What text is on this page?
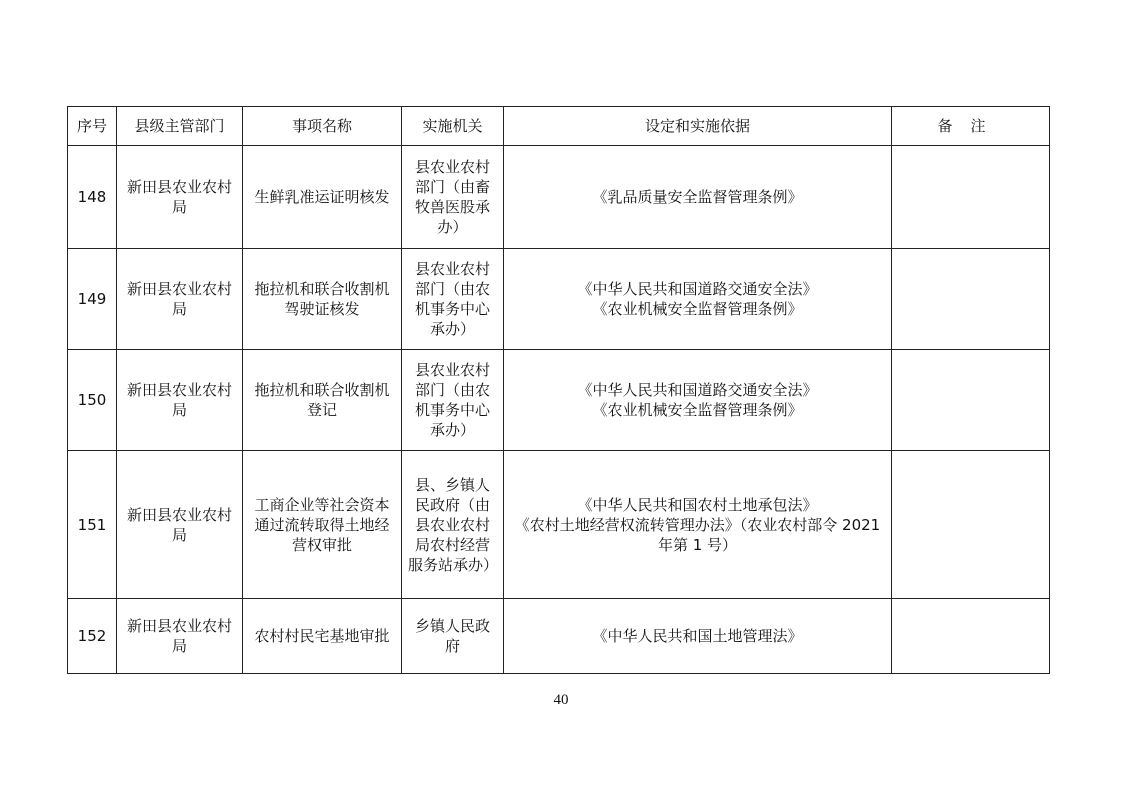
序号	县级主管部门	事项名称	实施机关	设定和实施依据	备注
148	新田县农业农村局	生鲜乳准运证明核发	县农业农村部门（由畜牧兽医股承办）	《乳品质量安全监督管理条例》	

149	新田县农业农村局	拖拉机和联合收割机驾驶证核发	县农业农村部门（由农机事务中心承办）	《中华人民共和国道路交通安全法》
《农业机械安全监督管理条例》	

150	新田县农业农村局	拖拉机和联合收割机登记	县农业农村部门（由农机事务中心承办）	《中华人民共和国道路交通安全法》
《农业机械安全监督管理条例》	

151	新田县农业农村局	工商企业等社会资本通过流转取得土地经营权审批	县、乡镇人民政府（由县农业农村局农村经营服务站承办）	《中华人民共和国农村土地承包法》
《农村土地经营权流转管理办法》（农业农村部令 2021 年第 1 号）	

152	新田县农业农村局	农村村民宅基地审批	乡镇人民政府	《中华人民共和国土地管理法》	

40
